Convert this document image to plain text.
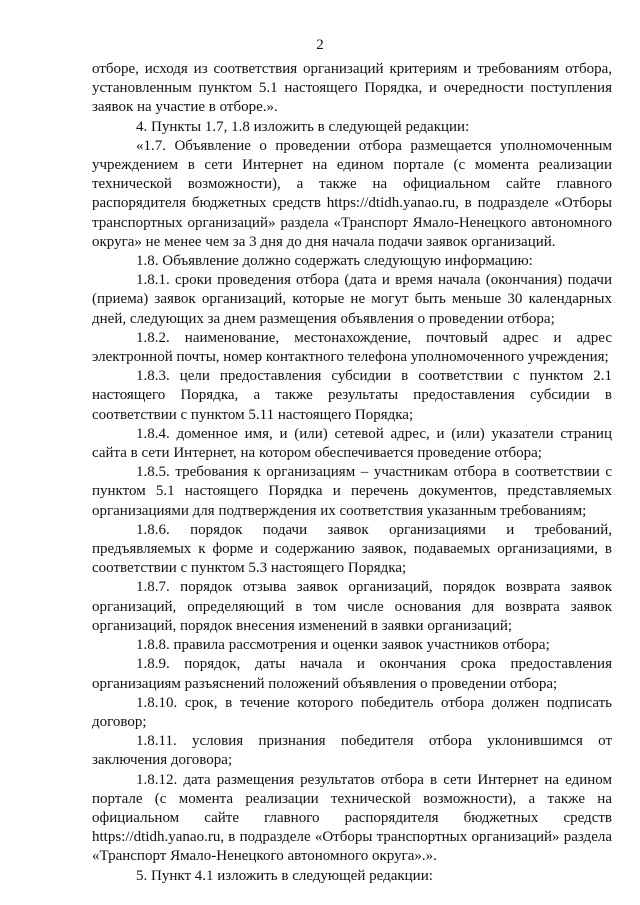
2

отборе, исходя из соответствия организаций критериям и требованиям отбора, установленным пунктом 5.1 настоящего Порядка, и очередности поступления заявок на участие в отборе.».

4. Пункты 1.7, 1.8 изложить в следующей редакции:

«1.7. Объявление о проведении отбора размещается уполномоченным учреждением в сети Интернет на едином портале (с момента реализации технической возможности), а также на официальном сайте главного распорядителя бюджетных средств https://dtidh.yanao.ru, в подразделе «Отборы транспортных организаций» раздела «Транспорт Ямало-Ненецкого автономного округа» не менее чем за 3 дня до дня начала подачи заявок организаций.

1.8. Объявление должно содержать следующую информацию:

1.8.1. сроки проведения отбора (дата и время начала (окончания) подачи (приема) заявок организаций, которые не могут быть меньше 30 календарных дней, следующих за днем размещения объявления о проведении отбора;

1.8.2. наименование, местонахождение, почтовый адрес и адрес электронной почты, номер контактного телефона уполномоченного учреждения;

1.8.3. цели предоставления субсидии в соответствии с пунктом 2.1 настоящего Порядка, а также результаты предоставления субсидии в соответствии с пунктом 5.11 настоящего Порядка;

1.8.4. доменное имя, и (или) сетевой адрес, и (или) указатели страниц сайта в сети Интернет, на котором обеспечивается проведение отбора;

1.8.5. требования к организациям – участникам отбора в соответствии с пунктом 5.1 настоящего Порядка и перечень документов, представляемых организациями для подтверждения их соответствия указанным требованиям;

1.8.6. порядок подачи заявок организациями и требований, предъявляемых к форме и содержанию заявок, подаваемых организациями, в соответствии с пунктом 5.3 настоящего Порядка;

1.8.7. порядок отзыва заявок организаций, порядок возврата заявок организаций, определяющий в том числе основания для возврата заявок организаций, порядок внесения изменений в заявки организаций;

1.8.8. правила рассмотрения и оценки заявок участников отбора;

1.8.9. порядок, даты начала и окончания срока предоставления организациям разъяснений положений объявления о проведении отбора;

1.8.10. срок, в течение которого победитель отбора должен подписать договор;

1.8.11. условия признания победителя отбора уклонившимся от заключения договора;

1.8.12. дата размещения результатов отбора в сети Интернет на едином портале (с момента реализации технической возможности), а также на официальном сайте главного распорядителя бюджетных средств https://dtidh.yanao.ru, в подразделе «Отборы транспортных организаций» раздела «Транспорт Ямало-Ненецкого автономного округа».».

5. Пункт 4.1 изложить в следующей редакции:
